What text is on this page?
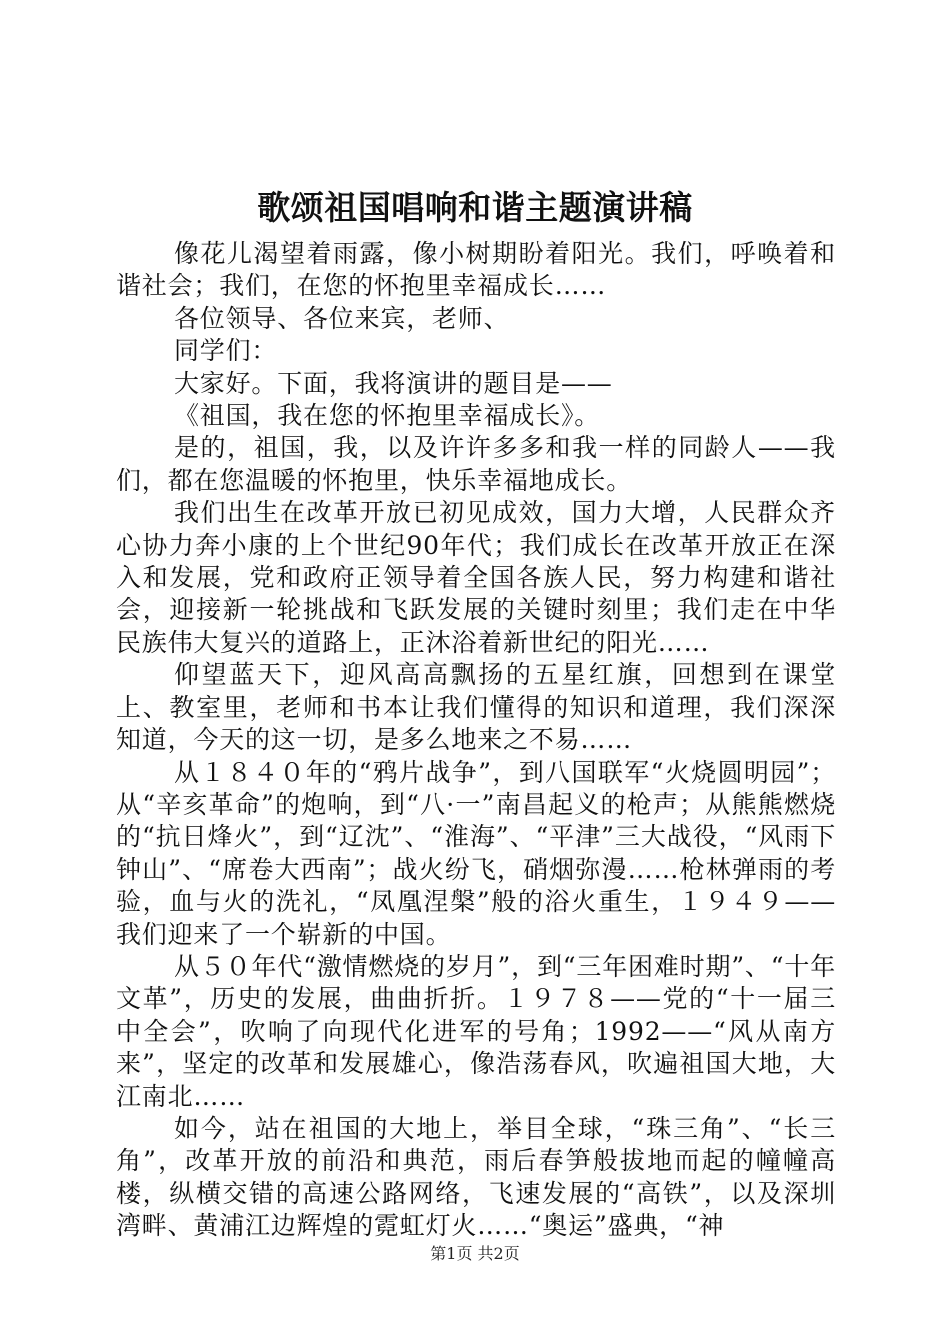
歌颂祖国唱响和谐主题演讲稿

像花儿渴望着雨露，像小树期盼着阳光。我们，呼唤着和谐社会；我们，在您的怀抱里幸福成长……

各位领导、各位来宾，老师、

同学们：

大家好。下面，我将演讲的题目是——

《祖国，我在您的怀抱里幸福成长》。

是的，祖国，我，以及许许多多和我一样的同龄人——我们，都在您温暖的怀抱里，快乐幸福地成长。

我们出生在改革开放已初见成效，国力大增，人民群众齐心协力奔小康的上个世纪90年代；我们成长在改革开放正在深入和发展，党和政府正领导着全国各族人民，努力构建和谐社会，迎接新一轮挑战和飞跃发展的关键时刻里；我们走在中华民族伟大复兴的道路上，正沐浴着新世纪的阳光……

仰望蓝天下，迎风高高飘扬的五星红旗，回想到在课堂上、教室里，老师和书本让我们懂得的知识和道理，我们深深知道，今天的这一切，是多么地来之不易……

从１８４０年的“鸦片战争”，到八国联军“火烧圆明园”；从“辛亥革命”的炮响，到“八·一”南昌起义的枪声；从熊熊燃烧的“抗日烽火”，到“辽沈”、“淮海”、“平津”三大战役，“风雨下钟山”、“席卷大西南”；战火纷飞，硝烟弥漫……枪林弹雨的考验，血与火的洗礼，“凤凰涅槃”般的浴火重生，１９４９——我们迎来了一个崭新的中国。

从５０年代“激情燃烧的岁月”，到“三年困难时期”、“十年文革”，历史的发展，曲曲折折。１９７８——党的“十一届三中全会”，吹响了向现代化进军的号角；1992——“风从南方来”，坚定的改革和发展雄心，像浩荡春风，吹遍祖国大地，大江南北……

如今，站在祖国的大地上，举目全球，“珠三角”、“长三角”，改革开放的前沿和典范，雨后春笋般拔地而起的幢幢高楼，纵横交错的高速公路网络，飞速发展的“高铁”，以及深圳湾畔、黄浦江边辉煌的霓虹灯火……“奥运”盛典，“神

第1页 共2页
